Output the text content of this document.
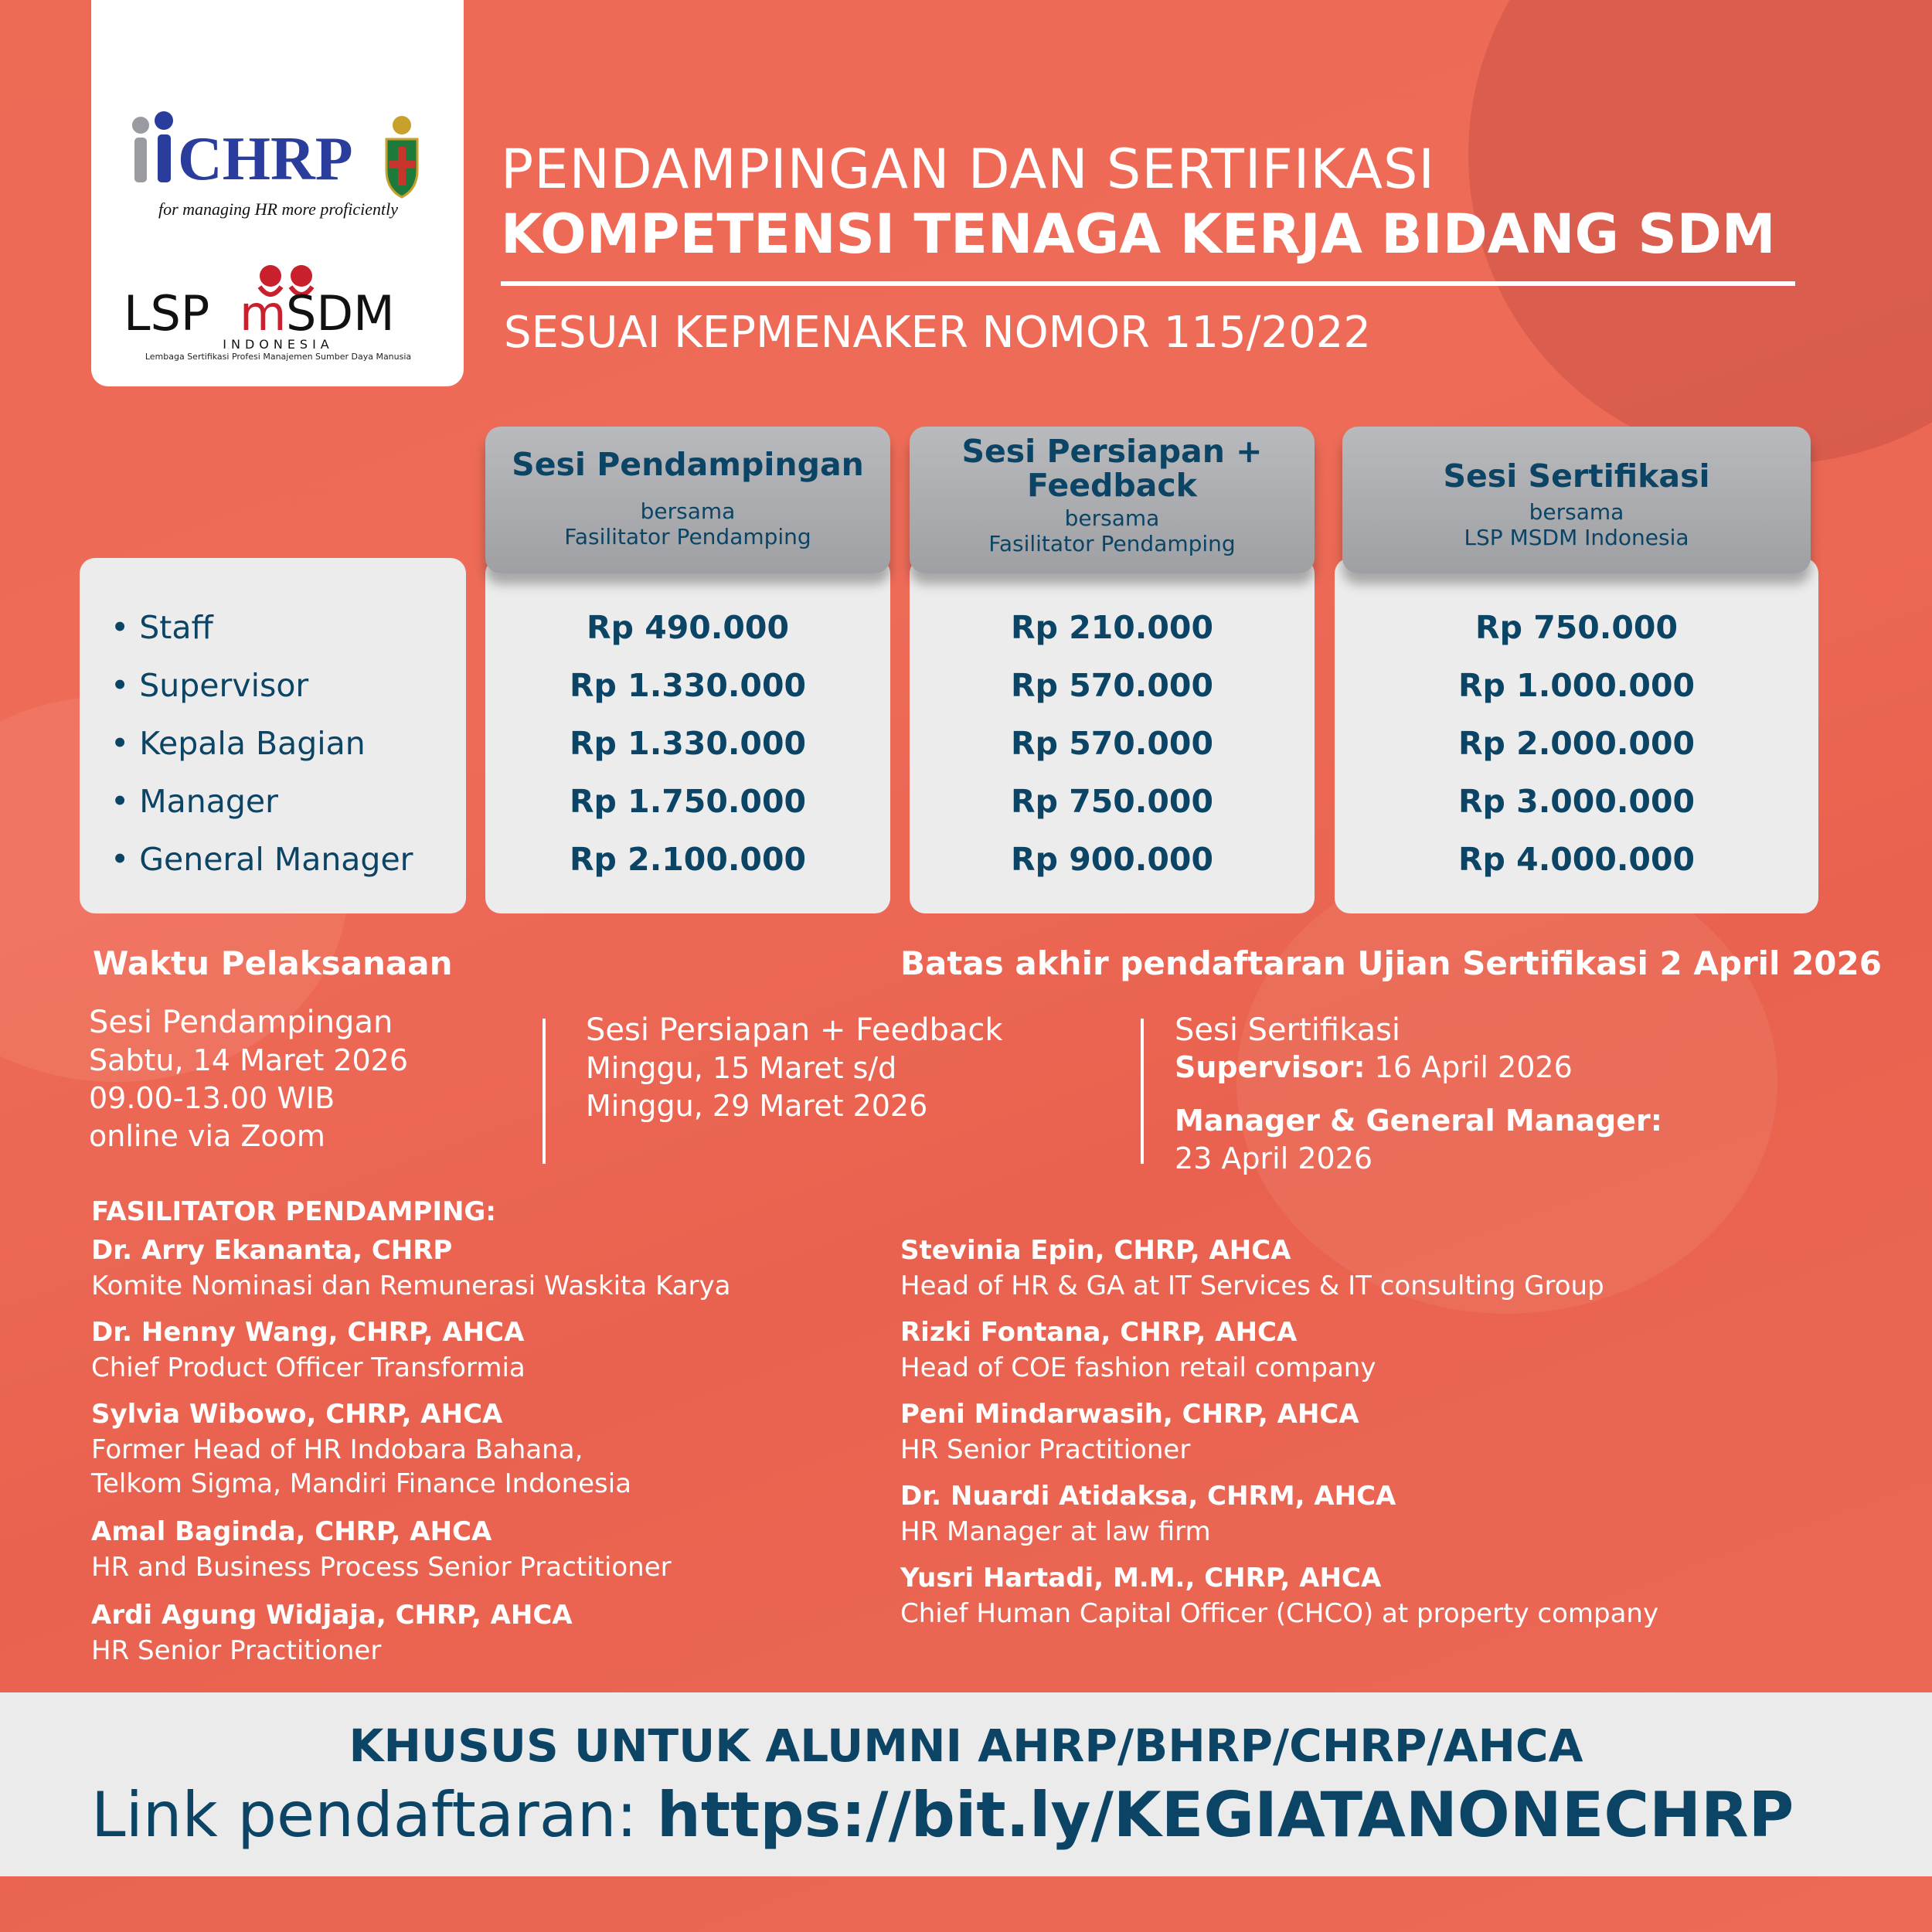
CHRP
for managing HR more proficiently
LSP m SDM
INDONESIA
Lembaga Sertifikasi Profesi Manajemen Sumber Daya Manusia
PENDAMPINGAN DAN SERTIFIKASI
KOMPETENSI TENAGA KERJA BIDANG SDM
SESUAI KEPMENAKER NOMOR 115/2022
• Staff
• Supervisor
• Kepala Bagian
• Manager
• General Manager
Rp 490.000
Rp 1.330.000
Rp 1.330.000
Rp 1.750.000
Rp 2.100.000
Sesi Pendampingan
bersama
Fasilitator Pendamping
Rp 210.000
Rp 570.000
Rp 570.000
Rp 750.000
Rp 900.000
Sesi Persiapan +
Feedback
bersama
Fasilitator Pendamping
Rp 750.000
Rp 1.000.000
Rp 2.000.000
Rp 3.000.000
Rp 4.000.000
Sesi Sertifikasi
bersama
LSP MSDM Indonesia
Waktu Pelaksanaan	Batas akhir pendaftaran Ujian Sertifikasi 2 April 2026
Sesi Pendampingan
Sabtu, 14 Maret 2026
09.00-13.00 WIB
online via Zoom
Sesi Persiapan + Feedback
Minggu, 15 Maret s/d
Minggu, 29 Maret 2026
Sesi Sertifikasi
Supervisor: 16 April 2026
Manager & General Manager:
23 April 2026
FASILITATOR PENDAMPING:
Dr. Arry Ekananta, CHRP
Komite Nominasi dan Remunerasi Waskita Karya
Dr. Henny Wang, CHRP, AHCA
Chief Product Officer Transformia
Sylvia Wibowo, CHRP, AHCA
Former Head of HR Indobara Bahana,
Telkom Sigma, Mandiri Finance Indonesia
Amal Baginda, CHRP, AHCA
HR and Business Process Senior Practitioner
Ardi Agung Widjaja, CHRP, AHCA
HR Senior Practitioner
Stevinia Epin, CHRP, AHCA
Head of HR & GA at IT Services & IT consulting Group
Rizki Fontana, CHRP, AHCA
Head of COE fashion retail company
Peni Mindarwasih, CHRP, AHCA
HR Senior Practitioner
Dr. Nuardi Atidaksa, CHRM, AHCA
HR Manager at law firm
Yusri Hartadi, M.M., CHRP, AHCA
Chief Human Capital Officer (CHCO) at property company
KHUSUS UNTUK ALUMNI AHRP/BHRP/CHRP/AHCA
Link pendaftaran: https://bit.ly/KEGIATANONECHRP
